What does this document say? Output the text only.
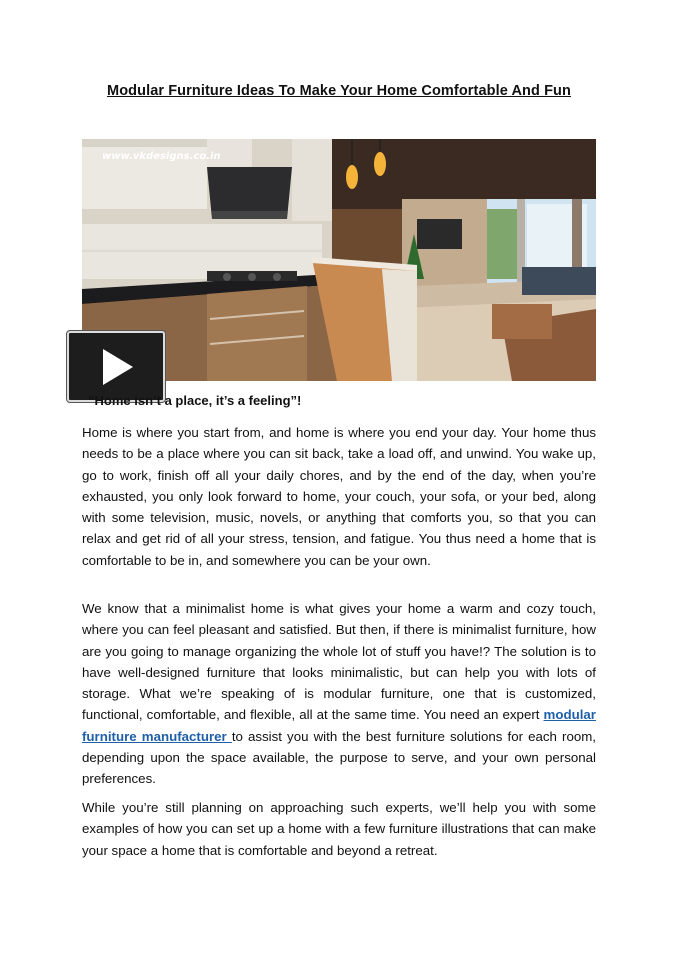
Modular Furniture Ideas To Make Your Home Comfortable And Fun
www.vkdesigns.co.in
“Home isn’t a place, it’s a feeling”!
Home is where you start from, and home is where you end your day. Your home thus needs to be a place where you can sit back, take a load off, and unwind. You wake up, go to work, finish off all your daily chores, and by the end of the day, when you’re exhausted, you only look forward to home, your couch, your sofa, or your bed, along with some television, music, novels, or anything that comforts you, so that you can relax and get rid of all your stress, tension, and fatigue. You thus need a home that is comfortable to be in, and somewhere you can be your own.
We know that a minimalist home is what gives your home a warm and cozy touch, where you can feel pleasant and satisfied. But then, if there is minimalist furniture, how are you going to manage organizing the whole lot of stuff you have!? The solution is to have well-designed furniture that looks minimalistic, but can help you with lots of storage. What we’re speaking of is modular furniture, one that is customized, functional, comfortable, and flexible, all at the same time. You need an expert modular furniture manufacturer to assist you with the best furniture solutions for each room, depending upon the space available, the purpose to serve, and your own personal preferences.
While you’re still planning on approaching such experts, we’ll help you with some examples of how you can set up a home with a few furniture illustrations that can make your space a home that is comfortable and beyond a retreat.
